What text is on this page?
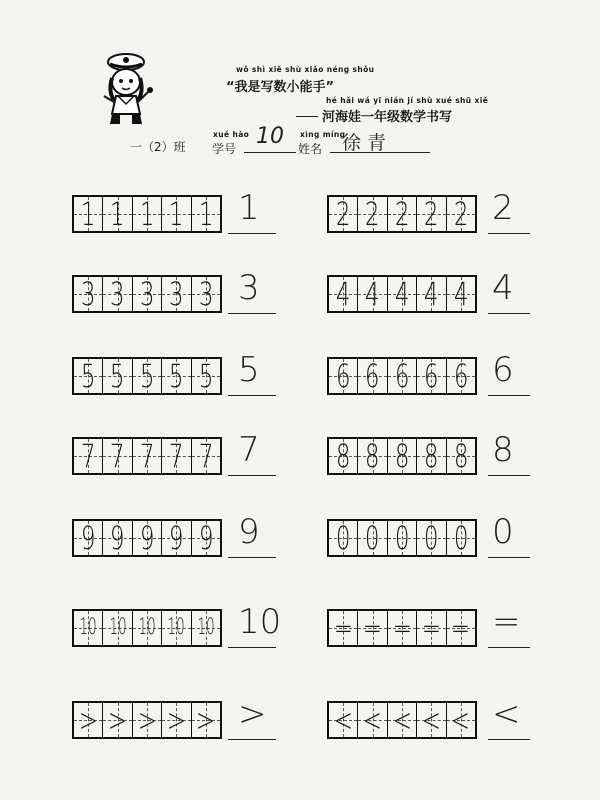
wǒ shì xiě shù xiǎo néng shǒu
“我是写数小能手”
hé hǎi wá yī nián jí shù xué shū xiě
河海娃一年级数学书写
一（2）班
xué hào
学号 10 xìng míng
姓名 徐青
1 1 1 1 1 1 2 2 2 2 2 2
3 3 3 3 3 3 4 4 4 4 4 4
5 5 5 5 5 5 6 6 6 6 6 6
7 7 7 7 7 7 8 8 8 8 8 8
9 9 9 9 9 9 0 0 0 0 0 0
10 10 10 10 10 10 = = = = = =
> > > > > > < < < < < <
